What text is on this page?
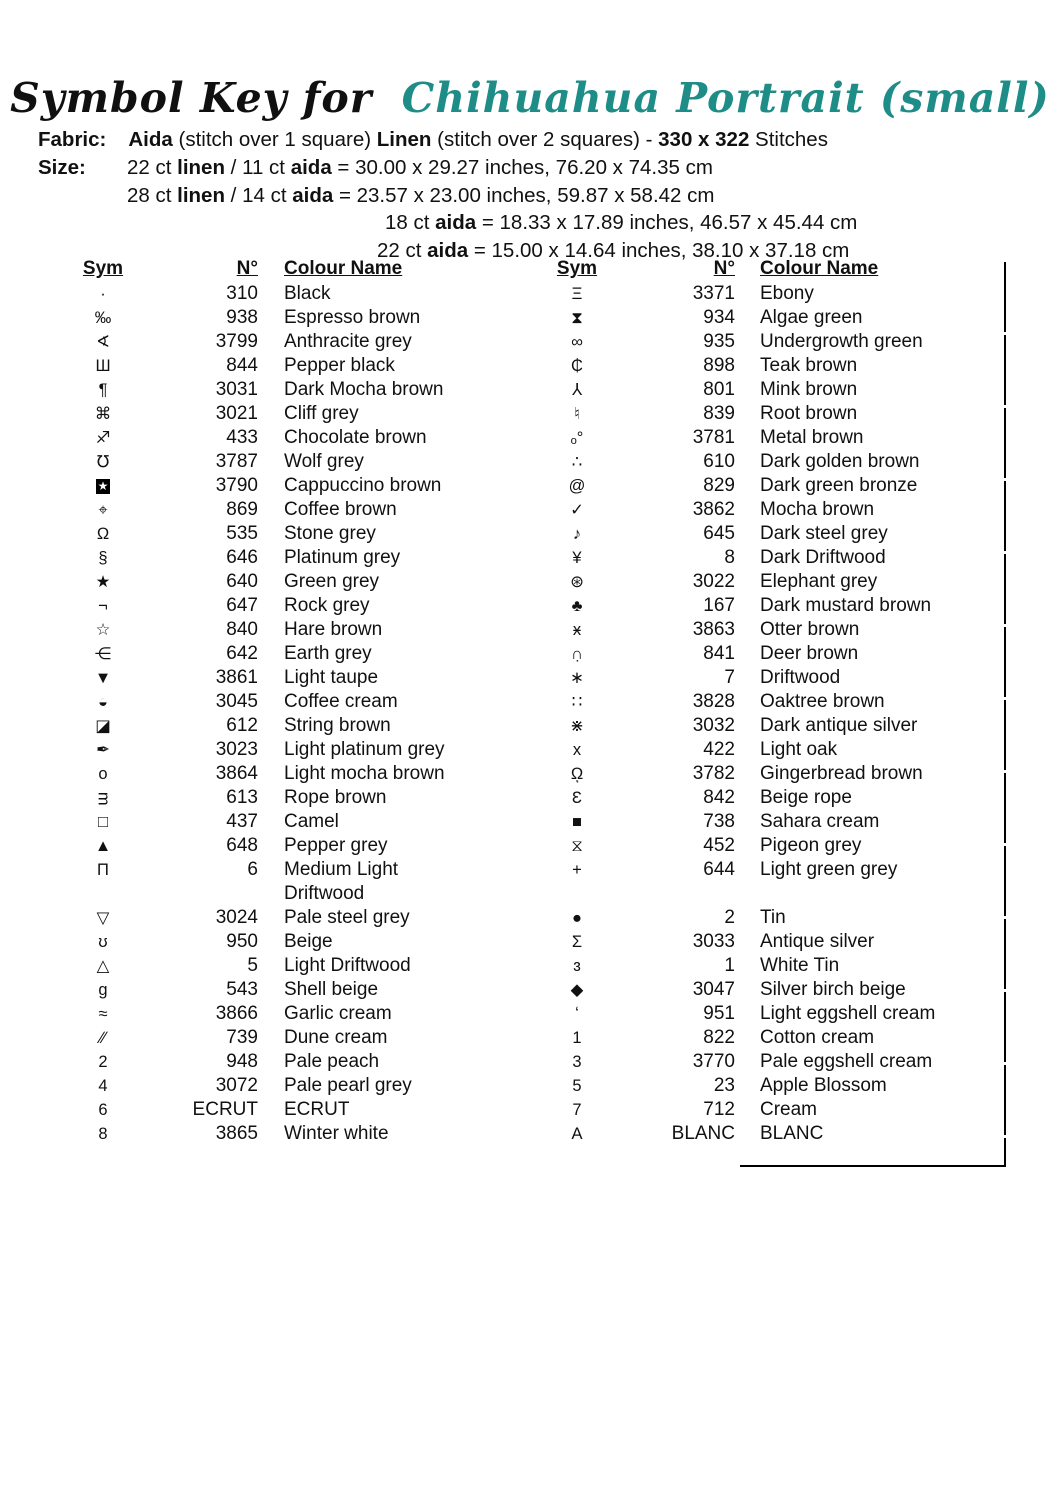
Symbol Key for Chihuahua Portrait (small)
Fabric: Aida (stitch over 1 square) Linen (stitch over 2 squares) - 330 x 322 Stitches
Size: 22 ct linen / 11 ct aida = 30.00 x 29.27 inches, 76.20 x 74.35 cm
28 ct linen / 14 ct aida = 23.57 x 23.00 inches, 59.87 x 58.42 cm
18 ct aida = 18.33 x 17.89 inches, 46.57 x 45.44 cm
22 ct aida = 15.00 x 14.64 inches, 38.10 x 37.18 cm
Sym	N°	Colour Name
·	310 Black
‰	938 Espresso brown
∢	3799 Anthracite grey
Ш	844 Pepper black
¶	3031 Dark Mocha brown
⌘	3021 Cliff grey
♐	433 Chocolate brown
℧	3787 Wolf grey
★	3790 Cappuccino brown
⌖	869 Coffee brown
Ω	535 Stone grey
§	646 Platinum grey
★	640 Green grey
¬	647 Rock grey
☆	840 Hare brown
⋲	642 Earth grey
▼	3861 Light taupe
◒	3045 Coffee cream
◪	612 String brown
✒	3023 Light platinum grey
o	3864 Light mocha brown
ᴟ	613 Rope brown
□	437 Camel
▲	648 Pepper grey
Π	6 Medium Light Driftwood
▽	3024 Pale steel grey
ʊ	950 Beige
△	5 Light Driftwood
g	543 Shell beige
≈	3866 Garlic cream
∕∕	739 Dune cream
2	948 Pale peach
4	3072 Pale pearl grey
6	ECRUT ECRUT
8	3865 Winter white
Sym	N°	Colour Name
Ξ	3371 Ebony
⧗	934 Algae green
∞	935 Undergrowth green
₵	898 Teak brown
⅄	801 Mink brown
♮	839 Root brown
ₒ°	3781 Metal brown
∴	610 Dark golden brown
@	829 Dark green bronze
✓	3862 Mocha brown
♪	645 Dark steel grey
¥	8 Dark Driftwood
⊛	3022 Elephant grey
♣	167 Dark mustard brown
ӿ	3863 Otter brown
∩̣	841 Deer brown
∗	7 Driftwood
∷	3828 Oaktree brown
⋇	3032 Dark antique silver
x	422 Light oak
ῼ	3782 Gingerbread brown
Ɛ	842 Beige rope
■	738 Sahara cream
⧖	452 Pigeon grey
+	644 Light green grey
●	2 Tin
Σ	3033 Antique silver
ɜ	1 White Tin
◆	3047 Silver birch beige
ʻ	951 Light eggshell cream
1	822 Cotton cream
3	3770 Pale eggshell cream
5	23 Apple Blossom
7	712 Cream
A	BLANC BLANC
